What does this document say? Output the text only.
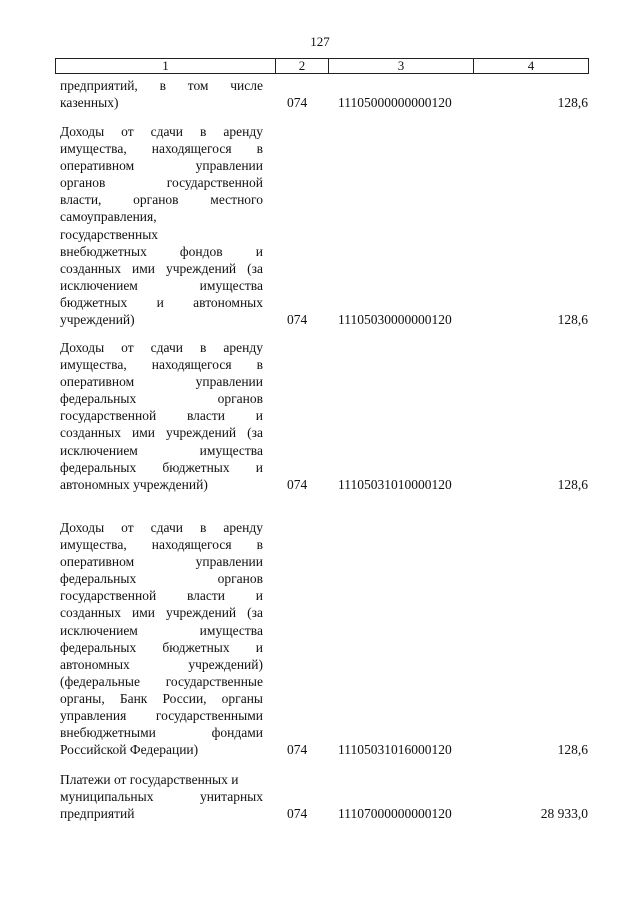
127
1	2	3	4
предприятий, в том числе
казенных)	074	11105000000000120	128,6
Доходы от сдачи в аренду
имущества, находящегося в
оперативном управлении
органов государственной
власти, органов местного
самоуправления,
государственных
внебюджетных фондов и
созданных ими учреждений (за
исключением имущества
бюджетных и автономных
учреждений)	074	11105030000000120	128,6
Доходы от сдачи в аренду
имущества, находящегося в
оперативном управлении
федеральных органов
государственной власти и
созданных ими учреждений (за
исключением имущества
федеральных бюджетных и
автономных учреждений)	074	11105031010000120	128,6
Доходы от сдачи в аренду
имущества, находящегося в
оперативном управлении
федеральных органов
государственной власти и
созданных ими учреждений (за
исключением имущества
федеральных бюджетных и
автономных учреждений)
(федеральные государственные
органы, Банк России, органы
управления государственными
внебюджетными фондами
Российской Федерации)	074	11105031016000120	128,6
Платежи от государственных и
муниципальных унитарных
предприятий	074	11107000000000120	28 933,0
